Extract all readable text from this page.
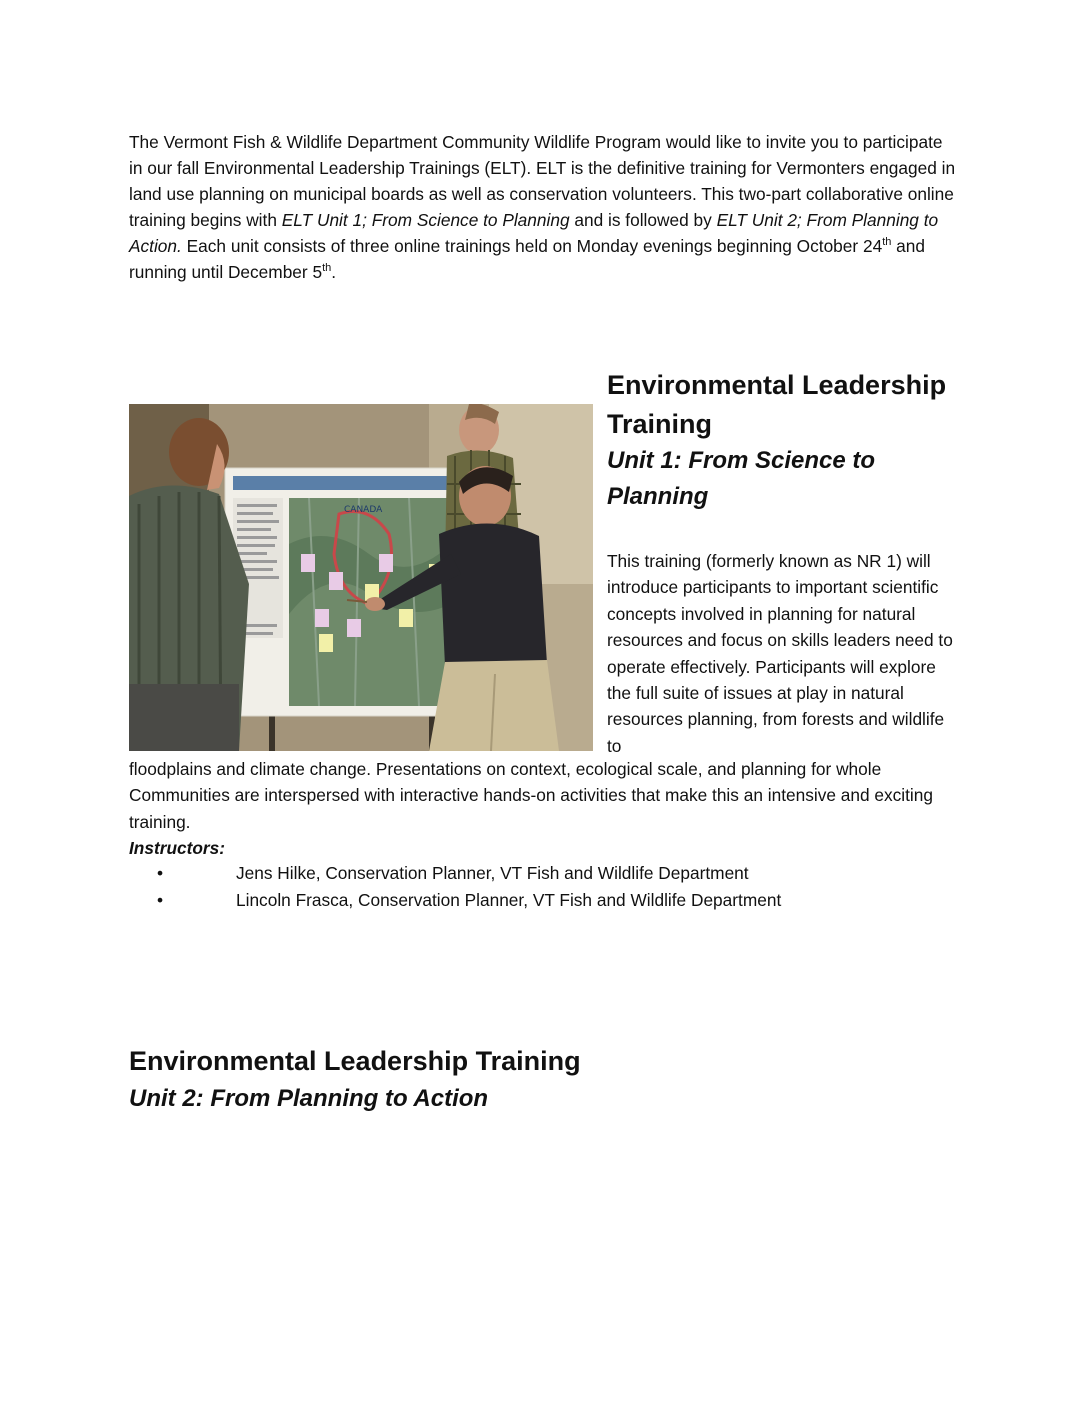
The Vermont Fish & Wildlife Department Community Wildlife Program would like to invite you to participate in our fall Environmental Leadership Trainings (ELT). ELT is the definitive training for Vermonters engaged in land use planning on municipal boards as well as conservation volunteers. This two-part collaborative online training begins with ELT Unit 1; From Science to Planning and is followed by ELT Unit 2; From Planning to Action. Each unit consists of three online trainings held on Monday evenings beginning October 24th and running until December 5th.

CANADA
Environmental Leadership
Training
Unit 1: From Science to
Planning

This training (formerly known as NR 1) will introduce participants to important scientific concepts involved in planning for natural resources and focus on skills leaders need to operate effectively. Participants will explore the full suite of issues at play in natural resources planning, from forests and wildlife to

floodplains and climate change. Presentations on context, ecological scale, and planning for whole Communities are interspersed with interactive hands-on activities that make this an intensive and exciting training.

Instructors:

•	Jens Hilke, Conservation Planner, VT Fish and Wildlife Department
•	Lincoln Frasca, Conservation Planner, VT Fish and Wildlife Department
Environmental Leadership Training
Unit 2: From Planning to Action
